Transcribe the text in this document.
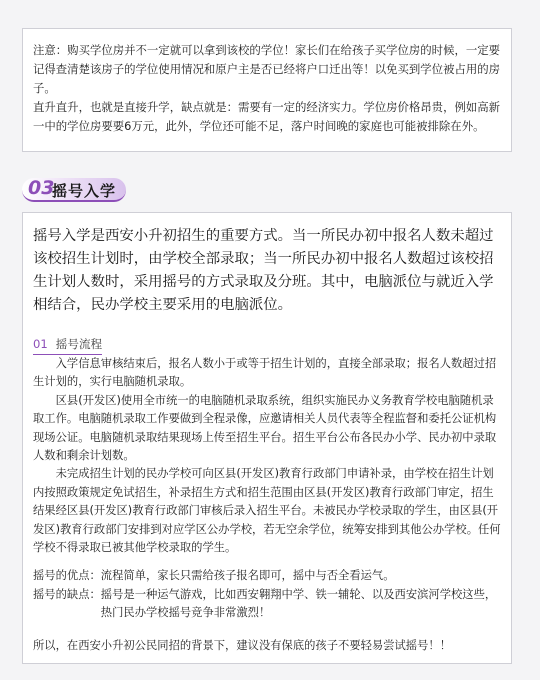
注意：购买学位房并不一定就可以拿到该校的学位！家长们在给孩子买学位房的时候，一定要记得查清楚该房子的学位使用情况和原户主是否已经将户口迁出等！以免买到学位被占用的房子。

直升直升，也就是直接升学，缺点就是：需要有一定的经济实力。学位房价格昂贵，例如高新一中的学位房要要6万元，此外，学位还可能不足，落户时间晚的家庭也可能被排除在外。

03
摇号入学

摇号入学是西安小升初招生的重要方式。当一所民办初中报名人数未超过该校招生计划时，由学校全部录取；当一所民办初中报名人数超过该校招生计划人数时，采用摇号的方式录取及分班。其中，电脑派位与就近入学相结合，民办学校主要采用的电脑派位。

01 摇号流程

入学信息审核结束后，报名人数小于或等于招生计划的，直接全部录取；报名人数超过招生计划的，实行电脑随机录取。

区县(开发区)使用全市统一的电脑随机录取系统，组织实施民办义务教育学校电脑随机录取工作。电脑随机录取工作要做到全程录像，应邀请相关人员代表等全程监督和委托公证机构现场公证。电脑随机录取结果现场上传至招生平台。招生平台公布各民办小学、民办初中录取人数和剩余计划数。

未完成招生计划的民办学校可向区县(开发区)教育行政部门申请补录，由学校在招生计划内按照政策规定免试招生，补录招生方式和招生范围由区县(开发区)教育行政部门审定，招生结果经区县(开发区)教育行政部门审核后录入招生平台。未被民办学校录取的学生，由区县(开发区)教育行政部门安排到对应学区公办学校，若无空余学位，统筹安排到其他公办学校。任何学校不得录取已被其他学校录取的学生。

摇号的优点： 流程简单，家长只需给孩子报名即可，摇中与否全看运气。
摇号的缺点： 摇号是一种运气游戏，比如西安翱翔中学、铁一辅轮、以及西安滨河学校这些，热门民办学校摇号竞争非常激烈！

所以，在西安小升初公民同招的背景下，建议没有保底的孩子不要轻易尝试摇号！！
